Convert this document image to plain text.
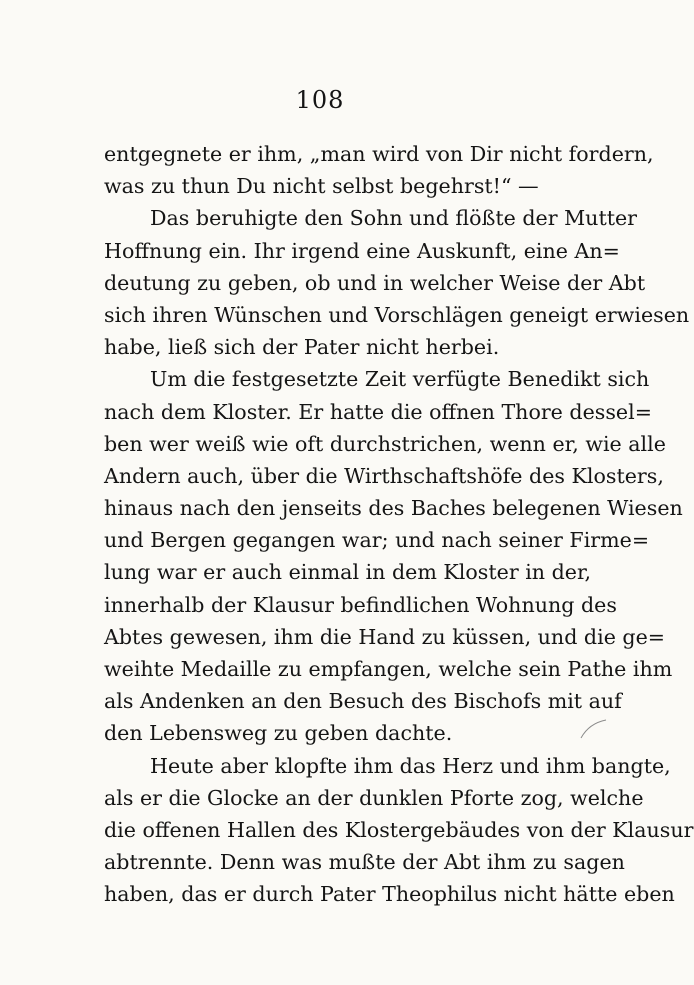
108
entgegnete er ihm, „man wird von Dir nicht fordern,
was zu thun Du nicht selbst begehrst!“ —
Das beruhigte den Sohn und flößte der Mutter
Hoffnung ein. Ihr irgend eine Auskunft, eine An=
deutung zu geben, ob und in welcher Weise der Abt
sich ihren Wünschen und Vorschlägen geneigt erwiesen
habe, ließ sich der Pater nicht herbei.
Um die festgesetzte Zeit verfügte Benedikt sich
nach dem Kloster. Er hatte die offnen Thore dessel=
ben wer weiß wie oft durchstrichen, wenn er, wie alle
Andern auch, über die Wirthschaftshöfe des Klosters,
hinaus nach den jenseits des Baches belegenen Wiesen
und Bergen gegangen war; und nach seiner Firme=
lung war er auch einmal in dem Kloster in der,
innerhalb der Klausur befindlichen Wohnung des
Abtes gewesen, ihm die Hand zu küssen, und die ge=
weihte Medaille zu empfangen, welche sein Pathe ihm
als Andenken an den Besuch des Bischofs mit auf
den Lebensweg zu geben dachte.
Heute aber klopfte ihm das Herz und ihm bangte,
als er die Glocke an der dunklen Pforte zog, welche
die offenen Hallen des Klostergebäudes von der Klausur
abtrennte. Denn was mußte der Abt ihm zu sagen
haben, das er durch Pater Theophilus nicht hätte eben
